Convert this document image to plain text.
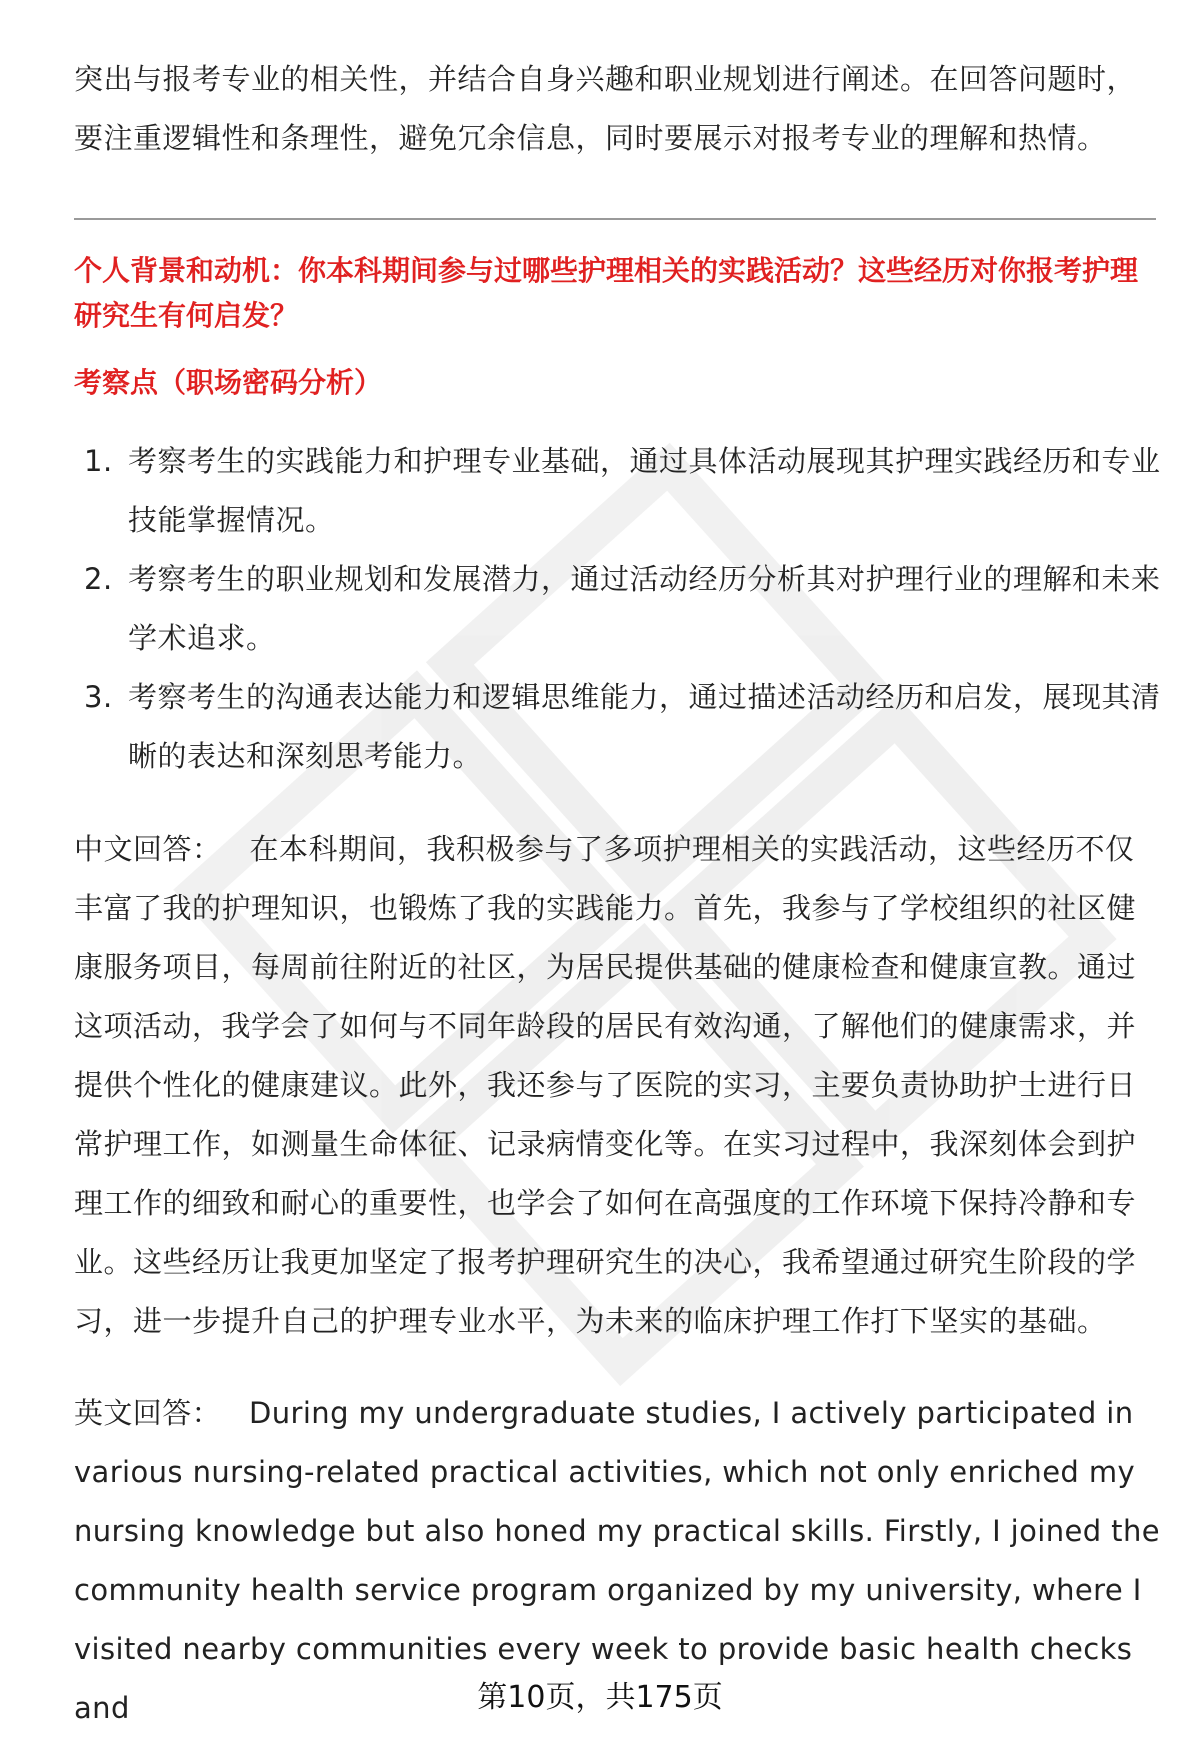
突出与报考专业的相关性，并结合自身兴趣和职业规划进行阐述。在回答问题时，要注重逻辑性和条理性，避免冗余信息，同时要展示对报考专业的理解和热情。

个人背景和动机：你本科期间参与过哪些护理相关的实践活动？这些经历对你报考护理研究生有何启发？

考察点（职场密码分析）

1. 考察考生的实践能力和护理专业基础，通过具体活动展现其护理实践经历和专业技能掌握情况。
2. 考察考生的职业规划和发展潜力，通过活动经历分析其对护理行业的理解和未来学术追求。
3. 考察考生的沟通表达能力和逻辑思维能力，通过描述活动经历和启发，展现其清晰的表达和深刻思考能力。

中文回答： 在本科期间，我积极参与了多项护理相关的实践活动，这些经历不仅丰富了我的护理知识，也锻炼了我的实践能力。首先，我参与了学校组织的社区健康服务项目，每周前往附近的社区，为居民提供基础的健康检查和健康宣教。通过这项活动，我学会了如何与不同年龄段的居民有效沟通，了解他们的健康需求，并提供个性化的健康建议。此外，我还参与了医院的实习，主要负责协助护士进行日常护理工作，如测量生命体征、记录病情变化等。在实习过程中，我深刻体会到护理工作的细致和耐心的重要性，也学会了如何在高强度的工作环境下保持冷静和专业。这些经历让我更加坚定了报考护理研究生的决心，我希望通过研究生阶段的学习，进一步提升自己的护理专业水平，为未来的临床护理工作打下坚实的基础。

英文回答： During my undergraduate studies, I actively participated in various nursing-related practical activities, which not only enriched my nursing knowledge but also honed my practical skills. Firstly, I joined the community health service program organized by my university, where I visited nearby communities every week to provide basic health checks and	第10页，共175页
